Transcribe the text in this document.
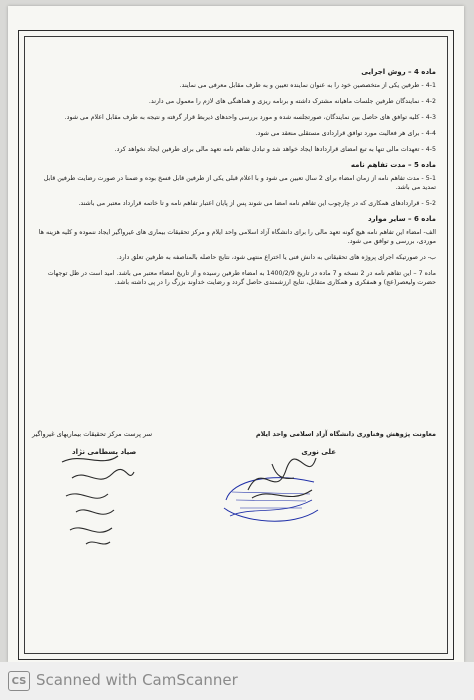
ماده 4 – روش اجرایی
4-1 - طرفین یکی از متخصصین خود را به عنوان نماینده تعیین و به طرف مقابل معرفی می نمایند.
4-2 - نمایندگان طرفین جلسات ماهیانه مشترک داشته و برنامه ریزی و هماهنگی های لازم را معمول می دارند.
4-3 - کلیه توافق های حاصل بین نمایندگان، صورتجلسه شده و مورد بررسی واحدهای ذیربط قرار گرفته و نتیجه به طرف مقابل اعلام می شود.
4-4 - برای هر فعالیت مورد توافق قراردادی مستقلی منعقد می شود.
4-5 - تعهدات مالی تنها به تبع امضای قراردادها ایجاد خواهد شد و تبادل تفاهم نامه تعهد مالی برای طرفین ایجاد نخواهد کرد.
ماده 5 – مدت تفاهم نامه
5-1 - مدت تفاهم نامه از زمان امضاء برای 2 سال تعیین می شود و با اعلام قبلی یکی از طرفین قابل فسخ بوده و ضمنا در صورت رضایت طرفین قابل تمدید می باشد.
5-2 - قراردادهای همکاری که در چارچوب این تفاهم نامه امضا می شوند پس از پایان اعتبار تفاهم نامه و تا خاتمه قرارداد معتبر می باشند.
ماده 6 – سایر موارد
الف- امضاء این تفاهم نامه هیچ گونه تعهد مالی را برای دانشگاه آزاد اسلامی واحد ایلام و مرکز تحقیقات بیماری های غیرواگیر ایجاد ننموده و کلیه هزینه ها موردی، بررسی و توافق می شود.
ب- در صورتیکه اجرای پروژه های تحقیقاتی به دانش فنی یا اختراع منتهی شود، نتایج حاصله بالمناصفه به طرفین تعلق دارد.
ماده 7 – این تفاهم نامه در 2 نسخه و 7 ماده در تاریخ 1400/2/9 به امضاء طرفین رسیده و از تاریخ امضاء معتبر می باشد. امید است در ظل توجهات حضرت ولیعصر(عج) و همفکری و همکاری متقابل، نتایج ارزشمندی حاصل گردد و رضایت خداوند بزرگ را در پی داشته باشد.
معاونت پژوهش وفناوری دانشگاه آزاد اسلامی واحد ایلام
سر پرست مرکز تحقیقات بیماریهای غیرواگیر
علی نوری
صیاد بسطامی نژاد
CS Scanned with CamScanner
